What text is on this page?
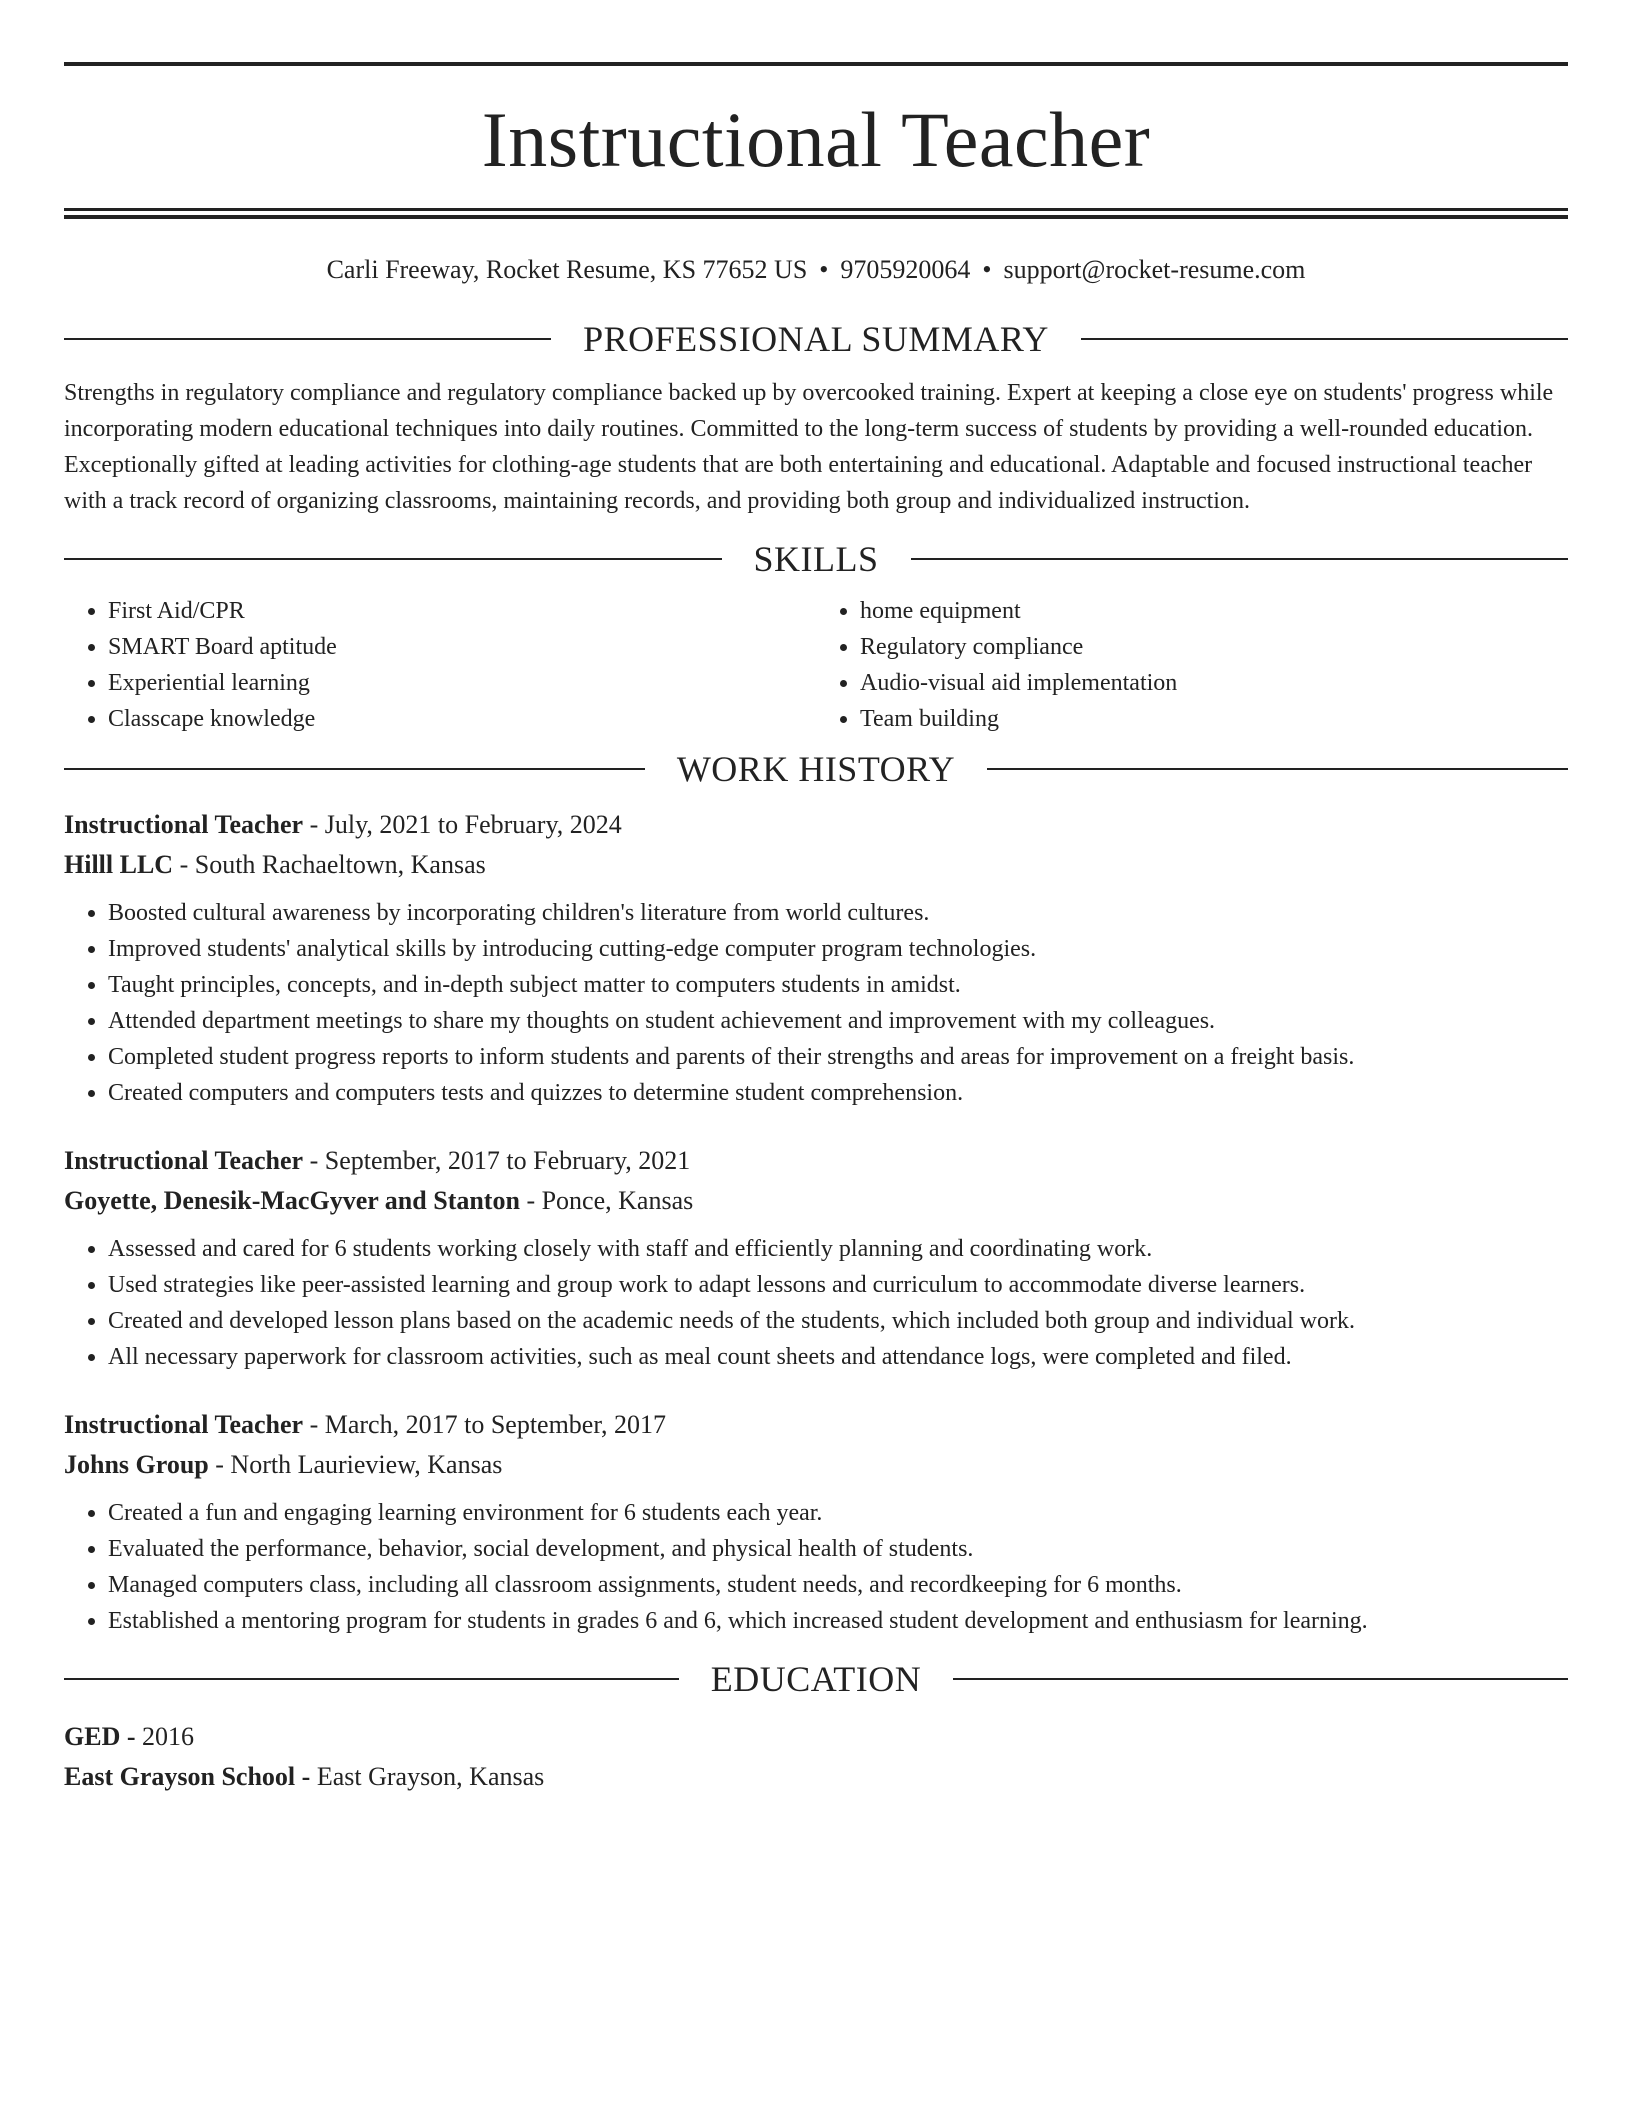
Instructional Teacher
Carli Freeway, Rocket Resume, KS 77652 US • 9705920064 • support@rocket-resume.com
PROFESSIONAL SUMMARY

Strengths in regulatory compliance and regulatory compliance backed up by overcooked training. Expert at keeping a close eye on students' progress while incorporating modern educational techniques into daily routines. Committed to the long-term success of students by providing a well-rounded education. Exceptionally gifted at leading activities for clothing-age students that are both entertaining and educational. Adaptable and focused instructional teacher with a track record of organizing classrooms, maintaining records, and providing both group and individualized instruction.

SKILLS
• First Aid/CPR
• SMART Board aptitude
• Experiential learning
• Classcape knowledge
• home equipment
• Regulatory compliance
• Audio-visual aid implementation
• Team building
WORK HISTORY
Instructional Teacher - July, 2021 to February, 2024
Hilll LLC - South Rachaeltown, Kansas
• Boosted cultural awareness by incorporating children's literature from world cultures.
• Improved students' analytical skills by introducing cutting-edge computer program technologies.
• Taught principles, concepts, and in-depth subject matter to computers students in amidst.
• Attended department meetings to share my thoughts on student achievement and improvement with my colleagues.
• Completed student progress reports to inform students and parents of their strengths and areas for improvement on a freight basis.
• Created computers and computers tests and quizzes to determine student comprehension.
Instructional Teacher - September, 2017 to February, 2021
Goyette, Denesik-MacGyver and Stanton - Ponce, Kansas
• Assessed and cared for 6 students working closely with staff and efficiently planning and coordinating work.
• Used strategies like peer-assisted learning and group work to adapt lessons and curriculum to accommodate diverse learners.
• Created and developed lesson plans based on the academic needs of the students, which included both group and individual work.
• All necessary paperwork for classroom activities, such as meal count sheets and attendance logs, were completed and filed.
Instructional Teacher - March, 2017 to September, 2017
Johns Group - North Laurieview, Kansas
• Created a fun and engaging learning environment for 6 students each year.
• Evaluated the performance, behavior, social development, and physical health of students.
• Managed computers class, including all classroom assignments, student needs, and recordkeeping for 6 months.
• Established a mentoring program for students in grades 6 and 6, which increased student development and enthusiasm for learning.
EDUCATION
GED - 2016
East Grayson School - East Grayson, Kansas
